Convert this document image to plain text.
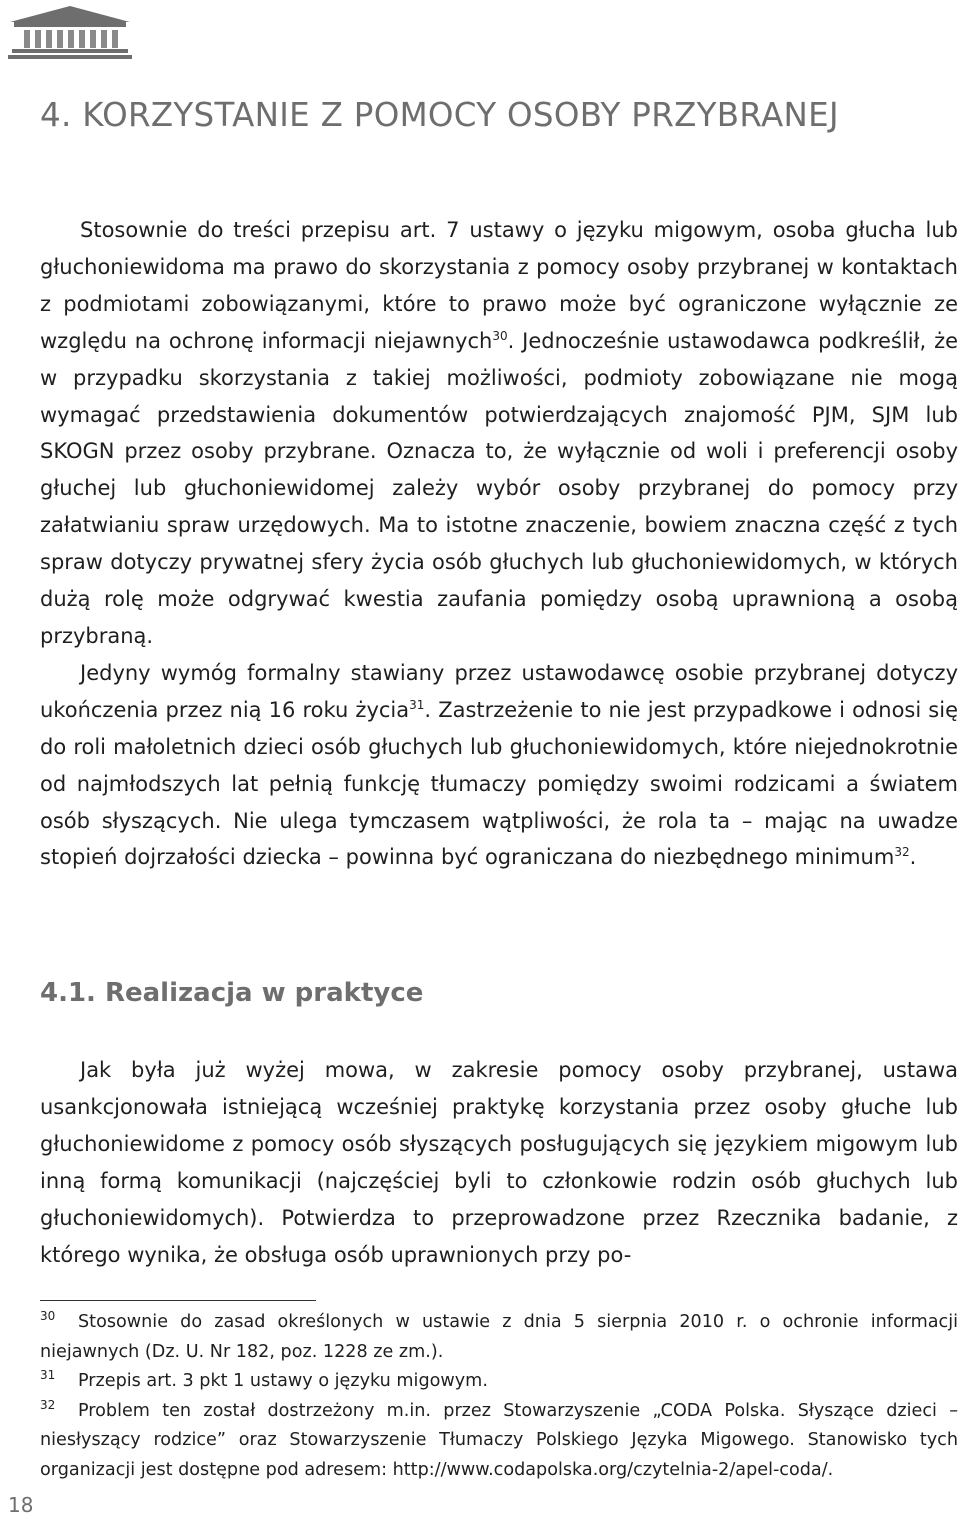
4. KORZYSTANIE Z POMOCY OSOBY PRZYBRANEJ

Stosownie do treści przepisu art. 7 ustawy o języku migowym, osoba głucha lub głuchoniewidoma ma prawo do skorzystania z pomocy osoby przybranej w kontaktach z podmiotami zobowiązanymi, które to prawo może być ograniczone wyłącznie ze względu na ochronę informacji niejawnych$^{30}$. Jednocześnie ustawodawca podkreślił, że w przypadku skorzystania z takiej możliwości, podmioty zobowiązane nie mogą wymagać przedstawienia dokumentów potwierdzających znajomość PJM, SJM lub SKOGN przez osoby przybrane. Oznacza to, że wyłącznie od woli i preferencji osoby głuchej lub głuchoniewidomej zależy wybór osoby przybranej do pomocy przy załatwianiu spraw urzędowych. Ma to istotne znaczenie, bowiem znaczna część z tych spraw dotyczy prywatnej sfery życia osób głuchych lub głuchoniewidomych, w których dużą rolę może odgrywać kwestia zaufania pomiędzy osobą uprawnioną a osobą przybraną.

Jedyny wymóg formalny stawiany przez ustawodawcę osobie przybranej dotyczy ukończenia przez nią 16 roku życia$^{31}$. Zastrzeżenie to nie jest przypadkowe i odnosi się do roli małoletnich dzieci osób głuchych lub głuchoniewidomych, które niejednokrotnie od najmłodszych lat pełnią funkcję tłumaczy pomiędzy swoimi rodzicami a światem osób słyszących. Nie ulega tymczasem wątpliwości, że rola ta – mając na uwadze stopień dojrzałości dziecka – powinna być ograniczana do niezbędnego minimum$^{32}$.

4.1. Realizacja w praktyce

Jak była już wyżej mowa, w zakresie pomocy osoby przybranej, ustawa usankcjonowała istniejącą wcześniej praktykę korzystania przez osoby głuche lub głuchoniewidome z pomocy osób słyszących posługujących się językiem migowym lub inną formą komunikacji (najczęściej byli to członkowie rodzin osób głuchych lub głuchoniewidomych). Potwierdza to przeprowadzone przez Rzecznika badanie, z którego wynika, że obsługa osób uprawnionych przy po-

30 Stosownie do zasad określonych w ustawie z dnia 5 sierpnia 2010 r. o ochronie informacji niejawnych (Dz. U. Nr 182, poz. 1228 ze zm.).

31 Przepis art. 3 pkt 1 ustawy o języku migowym.

32 Problem ten został dostrzeżony m.in. przez Stowarzyszenie „CODA Polska. Słyszące dzieci – niesłyszący rodzice” oraz Stowarzyszenie Tłumaczy Polskiego Języka Migowego. Stanowisko tych organizacji jest dostępne pod adresem: http://www.codapolska.org/czytelnia-2/apel-coda/.

18
